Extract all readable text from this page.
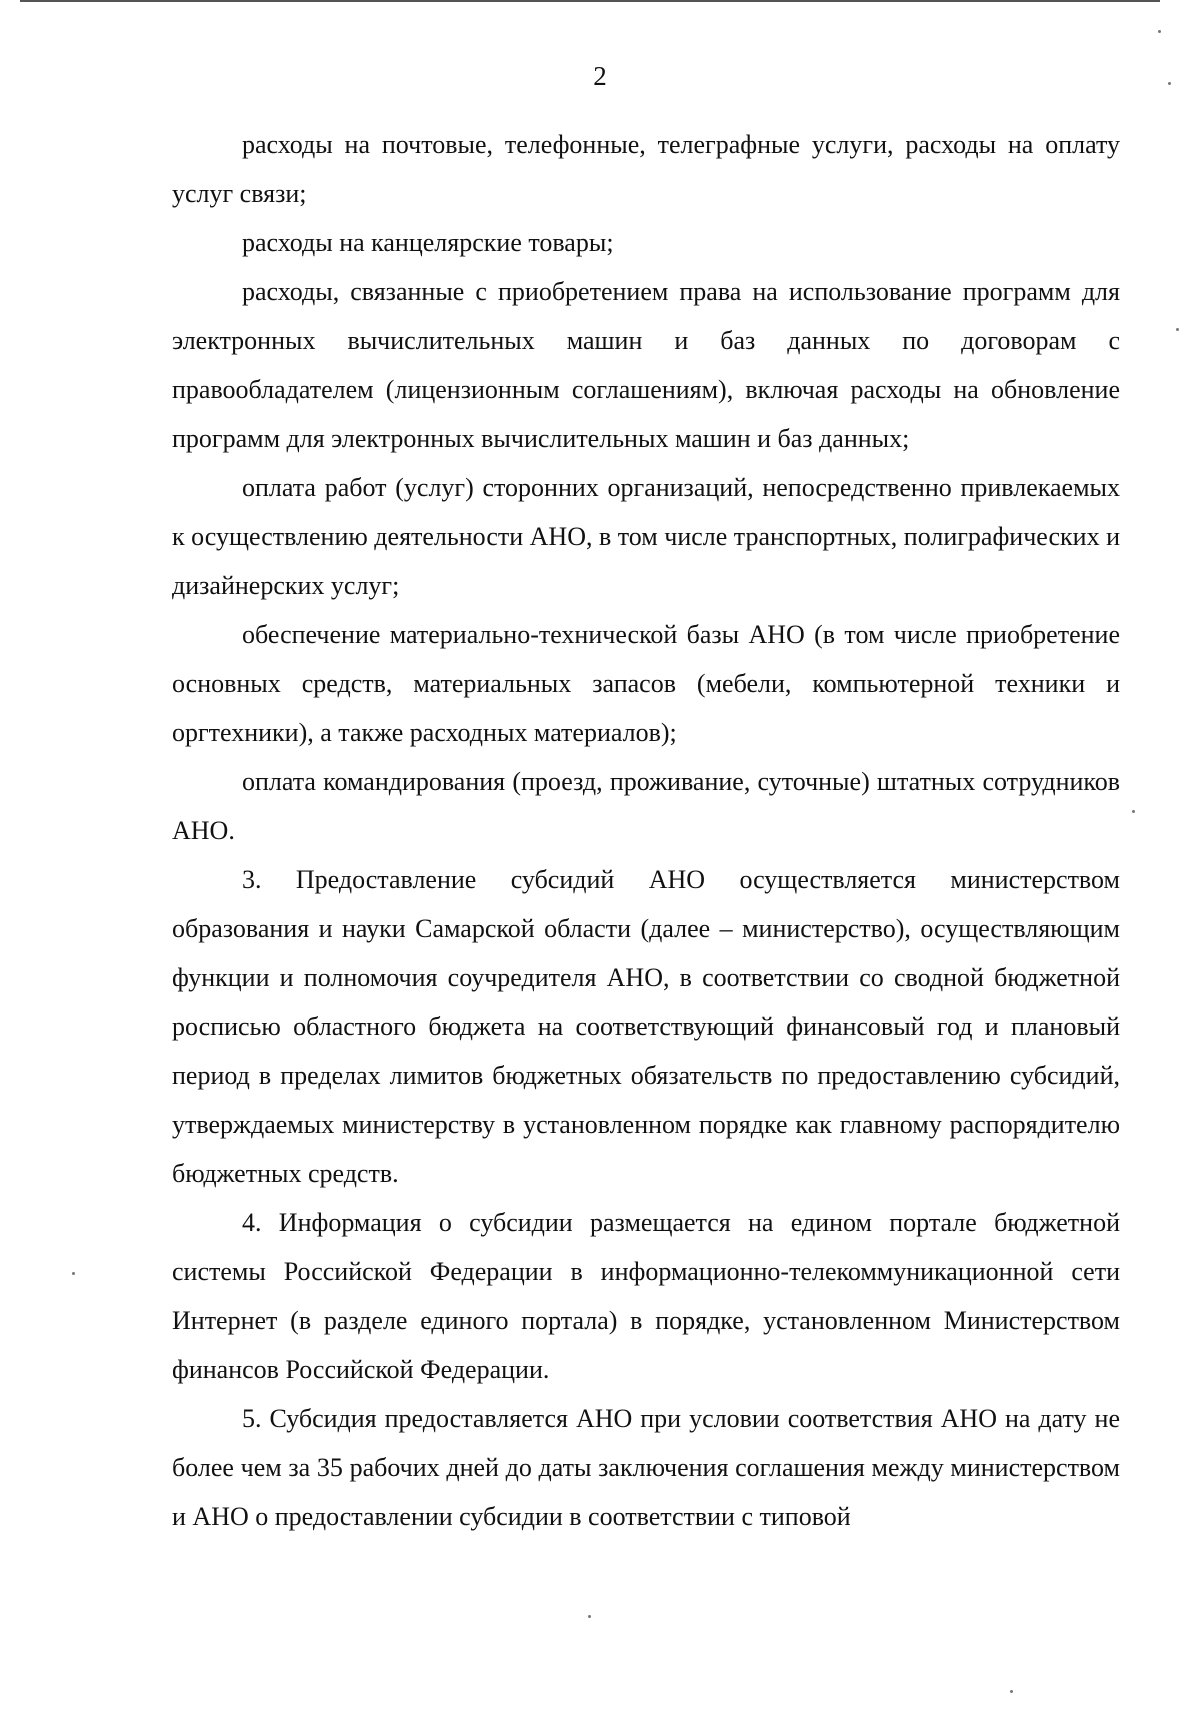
2

расходы на почтовые, телефонные, телеграфные услуги, расходы на оплату услуг связи;

расходы на канцелярские товары;

расходы, связанные с приобретением права на использование программ для электронных вычислительных машин и баз данных по договорам с правообладателем (лицензионным соглашениям), включая расходы на обновление программ для электронных вычислительных машин и баз данных;

оплата работ (услуг) сторонних организаций, непосредственно привлекаемых к осуществлению деятельности АНО, в том числе транспортных, полиграфических и дизайнерских услуг;

обеспечение материально-технической базы АНО (в том числе приобретение основных средств, материальных запасов (мебели, компьютерной техники и оргтехники), а также расходных материалов);

оплата командирования (проезд, проживание, суточные) штатных сотрудников АНО.

3. Предоставление субсидий АНО осуществляется министерством образования и науки Самарской области (далее – министерство), осуществляющим функции и полномочия соучредителя АНО, в соответствии со сводной бюджетной росписью областного бюджета на соответствующий финансовый год и плановый период в пределах лимитов бюджетных обязательств по предоставлению субсидий, утверждаемых министерству в установленном порядке как главному распорядителю бюджетных средств.

4. Информация о субсидии размещается на едином портале бюджетной системы Российской Федерации в информационно-телекоммуникационной сети Интернет (в разделе единого портала) в порядке, установленном Министерством финансов Российской Федерации.

5. Субсидия предоставляется АНО при условии соответствия АНО на дату не более чем за 35 рабочих дней до даты заключения соглашения между министерством и АНО о предоставлении субсидии в соответствии с типовой
